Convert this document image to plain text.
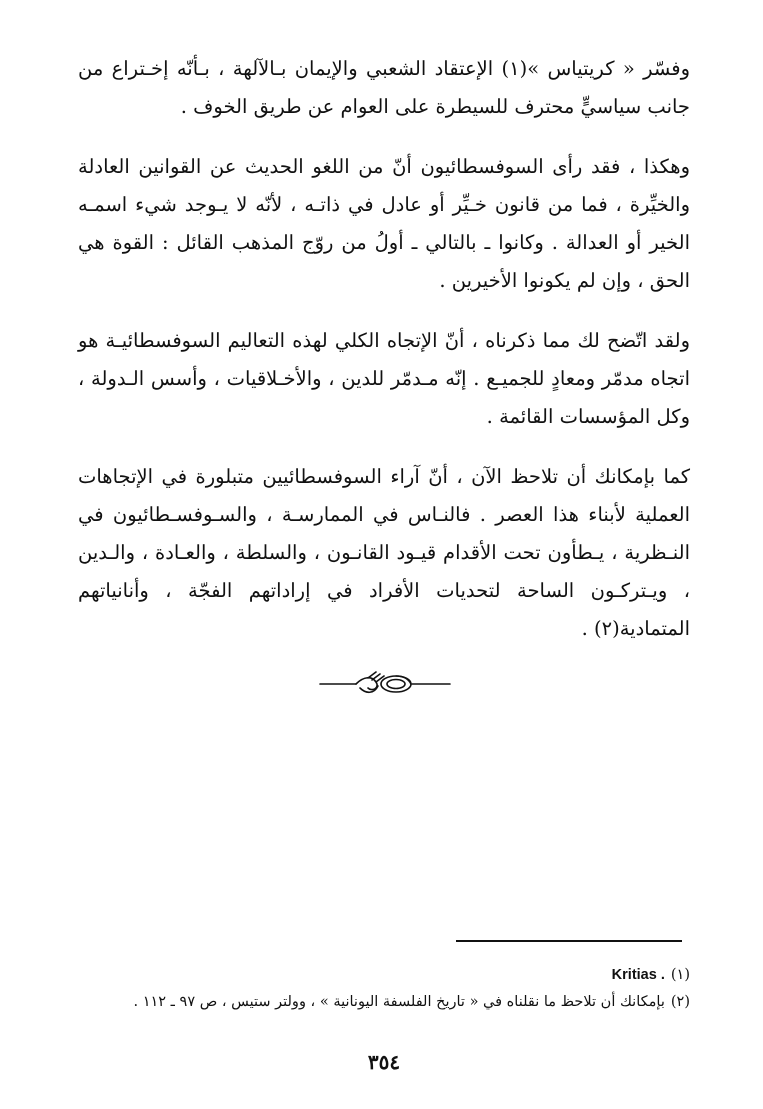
وفسّر « كريتياس »(١) الإعتقاد الشعبي والإيمان بـالآلهة ، بـأنّه إخـتراع من جانب سياسيٍّ محترف للسيطرة على العوام عن طريق الخوف .

وهكذا ، فقد رأى السوفسطائيون أنّ من اللغو الحديث عن القوانين العادلة والخيِّرة ، فما من قانون خـيِّر أو عادل في ذاتـه ، لأنّه لا يـوجد شيء اسمـه الخير أو العدالة . وكانوا ـ بالتالي ـ أولُ من روّج المذهب القائل : القوة هي الحق ، وإن لم يكونوا الأخيرين .

ولقد اتّضح لك مما ذكرناه ، أنّ الإتجاه الكلي لهذه التعاليم السوفسطائيـة هو اتجاه مدمّر ومعادٍ للجميـع . إنّه مـدمّر للدين ، والأخـلاقيات ، وأسس الـدولة ، وكل المؤسسات القائمة .

كما بإمكانك أن تلاحظ الآن ، أنّ آراء السوفسطائيين متبلورة في الإتجاهات العملية لأبناء هذا العصر . فالنـاس في الممارسـة ، والسـوفسـطائيون في النـظرية ، يـطأون تحت الأقدام قيـود القانـون ، والسلطة ، والعـادة ، والـدين ، ويـتركـون الساحة لتحديات الأفراد في إراداتهم الفجّة ، وأنانياتهم المتمادية(٢) .

(١)Kritias .
(٢)بإمكانك أن تلاحظ ما نقلناه في « تاريخ الفلسفة اليونانية » ، وولتر ستيس ، ص ٩٧ ـ ١١٢ .
٣٥٤
